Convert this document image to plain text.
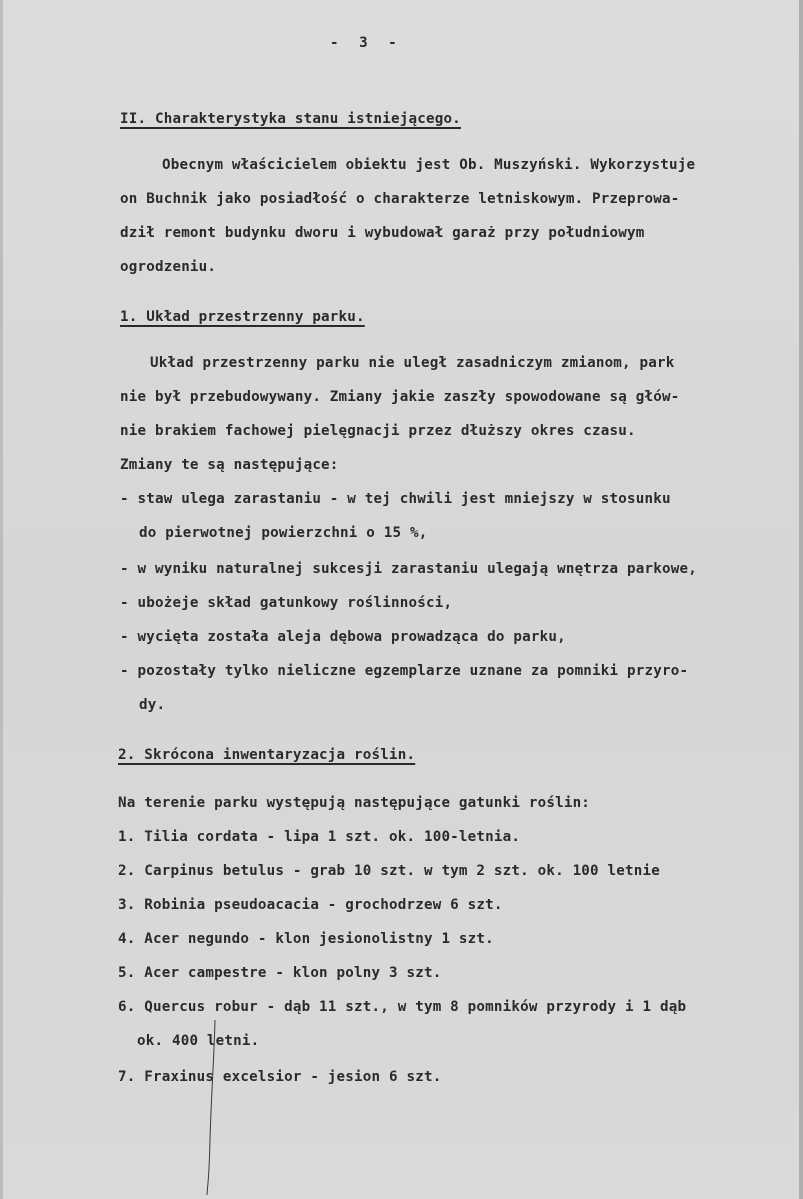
- 3 -
II. Charakterystyka stanu istniejącego.
Obecnym właścicielem obiektu jest Ob. Muszyński. Wykorzystuje
on Buchnik jako posiadłość o charakterze letniskowym. Przeprowa-
dził remont budynku dworu i wybudował garaż przy południowym
ogrodzeniu.
1. Układ przestrzenny parku.
Układ przestrzenny parku nie uległ zasadniczym zmianom, park
nie był przebudowywany. Zmiany jakie zaszły spowodowane są głów-
nie brakiem fachowej pielęgnacji przez dłuższy okres czasu.
Zmiany te są następujące:
- staw ulega zarastaniu - w tej chwili jest mniejszy w stosunku
do pierwotnej powierzchni o 15 %,
- w wyniku naturalnej sukcesji zarastaniu ulegają wnętrza parkowe,
- ubożeje skład gatunkowy roślinności,
- wycięta została aleja dębowa prowadząca do parku,
- pozostały tylko nieliczne egzemplarze uznane za pomniki przyro-
dy.
2. Skrócona inwentaryzacja roślin.
Na terenie parku występują następujące gatunki roślin:
1. Tilia cordata - lipa 1 szt. ok. 100-letnia.
2. Carpinus betulus - grab 10 szt. w tym 2 szt. ok. 100 letnie
3. Robinia pseudoacacia - grochodrzew 6 szt.
4. Acer negundo - klon jesionolistny 1 szt.
5. Acer campestre - klon polny 3 szt.
6. Quercus robur - dąb 11 szt., w tym 8 pomników przyrody i 1 dąb
ok. 400 letni.
7. Fraxinus excelsior - jesion 6 szt.
